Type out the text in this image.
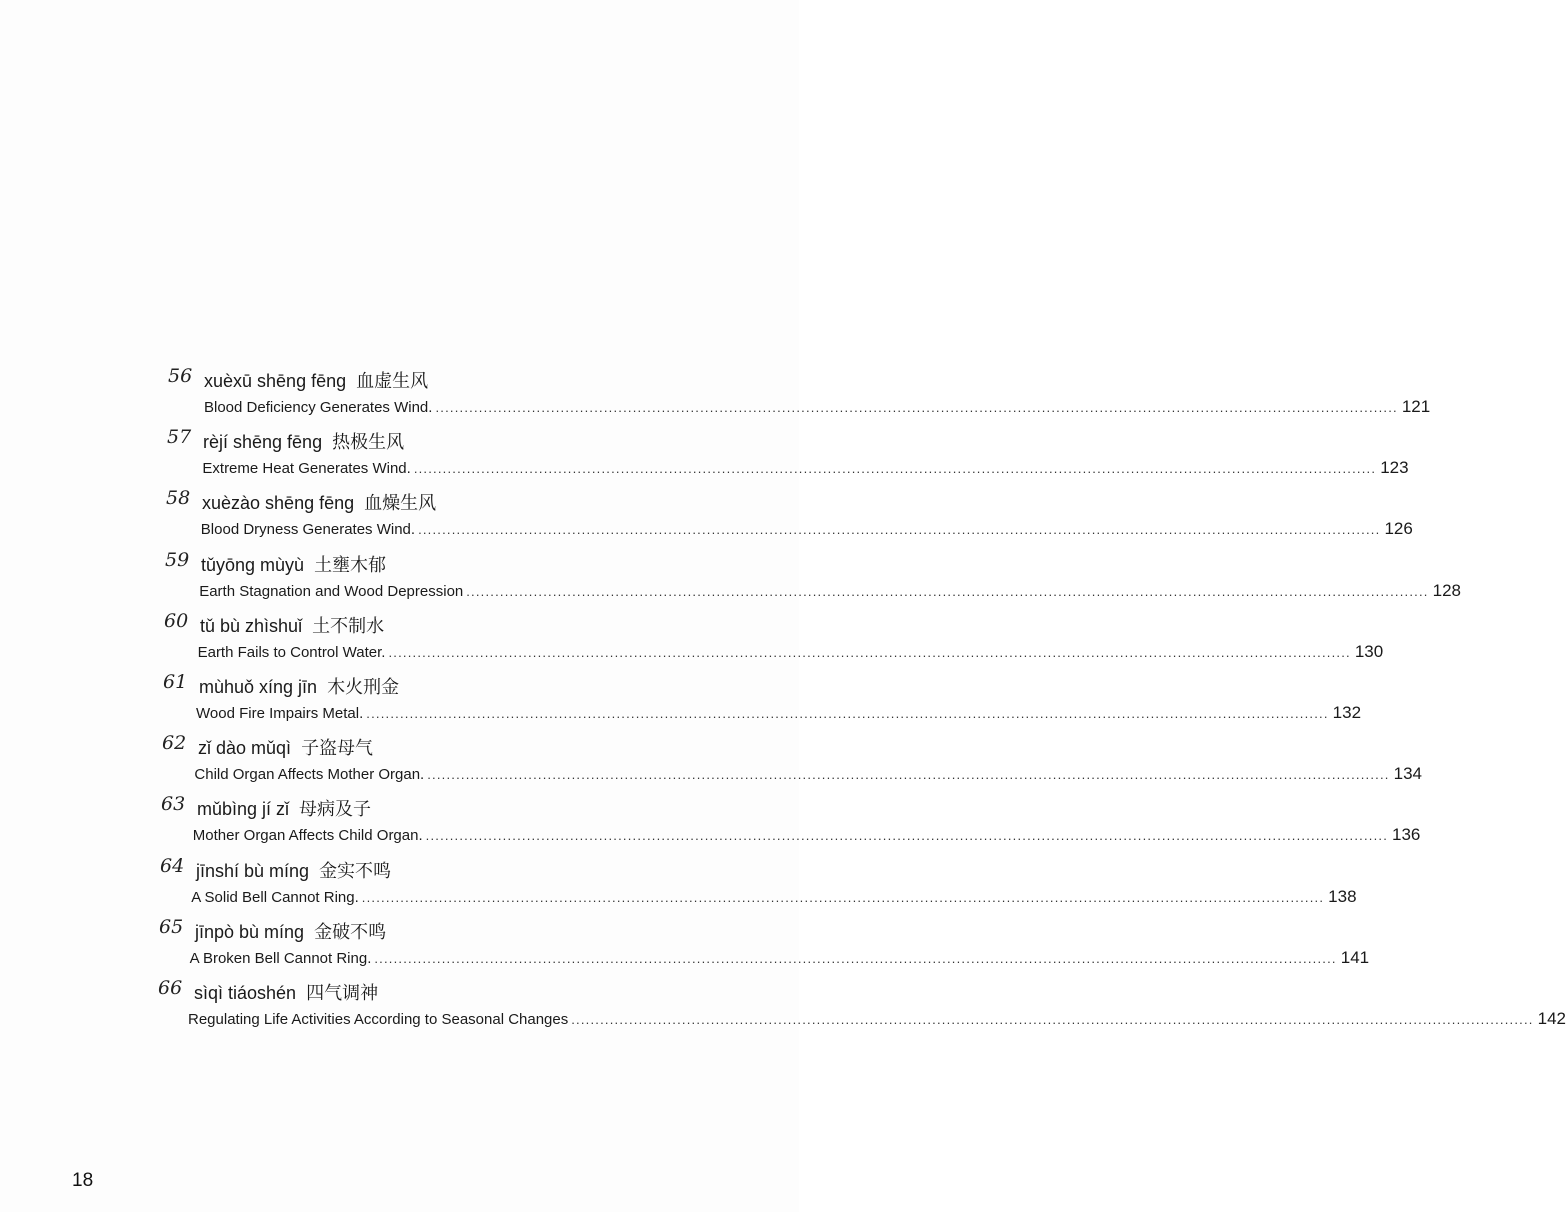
56 xuèxū shēng fēng 血虚生风
Blood Deficiency Generates Wind. ........................................................................................................................................................................................................ 121
57 rèjí shēng fēng 热极生风
Extreme Heat Generates Wind. ........................................................................................................................................................................................................ 123
58 xuèzào shēng fēng 血燥生风
Blood Dryness Generates Wind. ........................................................................................................................................................................................................ 126
59 tǔyōng mùyù 土壅木郁
Earth Stagnation and Wood Depression ........................................................................................................................................................................................................ 128
60 tǔ bù zhìshuǐ 土不制水
Earth Fails to Control Water. ........................................................................................................................................................................................................ 130
61 mùhuǒ xíng jīn 木火刑金
Wood Fire Impairs Metal. ........................................................................................................................................................................................................ 132
62 zǐ dào mǔqì 子盗母气
Child Organ Affects Mother Organ. ........................................................................................................................................................................................................ 134
63 mǔbìng jí zǐ 母病及子
Mother Organ Affects Child Organ. ........................................................................................................................................................................................................ 136
64 jīnshí bù míng 金实不鸣
A Solid Bell Cannot Ring. ........................................................................................................................................................................................................ 138
65 jīnpò bù míng 金破不鸣
A Broken Bell Cannot Ring. ........................................................................................................................................................................................................ 141
66 sìqì tiáoshén 四气调神
Regulating Life Activities According to Seasonal Changes ........................................................................................................................................................................................................ 142
18
